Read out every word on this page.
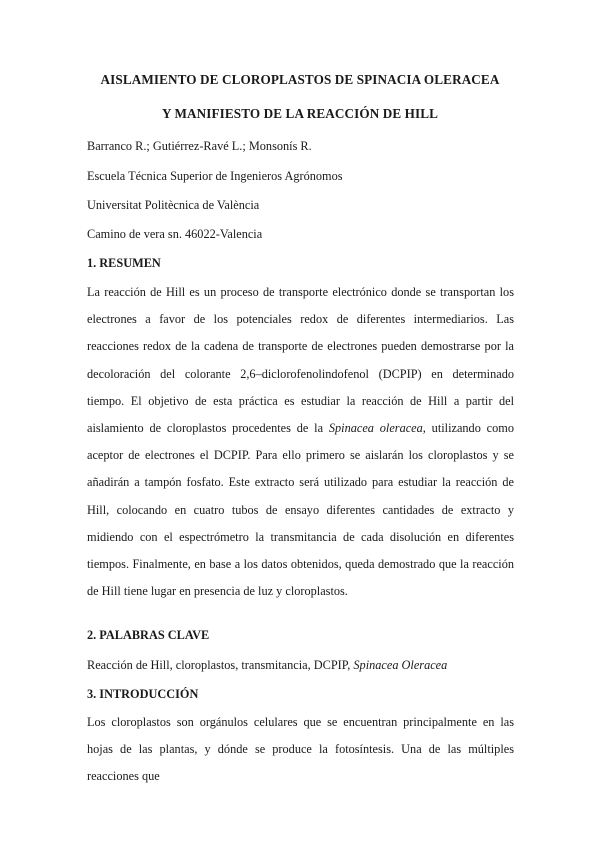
AISLAMIENTO DE CLOROPLASTOS DE SPINACIA OLERACEA
Y MANIFIESTO DE LA REACCIÓN DE HILL
Barranco R.; Gutiérrez-Ravé L.; Monsonís R.
Escuela Técnica Superior de Ingenieros Agrónomos
Universitat Politècnica de València
Camino de vera sn. 46022-Valencia
1. RESUMEN
La reacción de Hill es un proceso de transporte electrónico donde se transportan los electrones a favor de los potenciales redox de diferentes intermediarios. Las reacciones redox de la cadena de transporte de electrones pueden demostrarse por la decoloración del colorante 2,6–diclorofenolindofenol (DCPIP) en determinado tiempo. El objetivo de esta práctica es estudiar la reacción de Hill a partir del aislamiento de cloroplastos procedentes de la Spinacea oleracea, utilizando como aceptor de electrones el DCPIP. Para ello primero se aislarán los cloroplastos y se añadirán a tampón fosfato. Este extracto será utilizado para estudiar la reacción de Hill, colocando en cuatro tubos de ensayo diferentes cantidades de extracto y midiendo con el espectrómetro la transmitancia de cada disolución en diferentes tiempos. Finalmente, en base a los datos obtenidos, queda demostrado que la reacción de Hill tiene lugar en presencia de luz y cloroplastos.
2. PALABRAS CLAVE
Reacción de Hill, cloroplastos, transmitancia, DCPIP, Spinacea Oleracea
3. INTRODUCCIÓN
Los cloroplastos son orgánulos celulares que se encuentran principalmente en las hojas de las plantas, y dónde se produce la fotosíntesis. Una de las múltiples reacciones que
